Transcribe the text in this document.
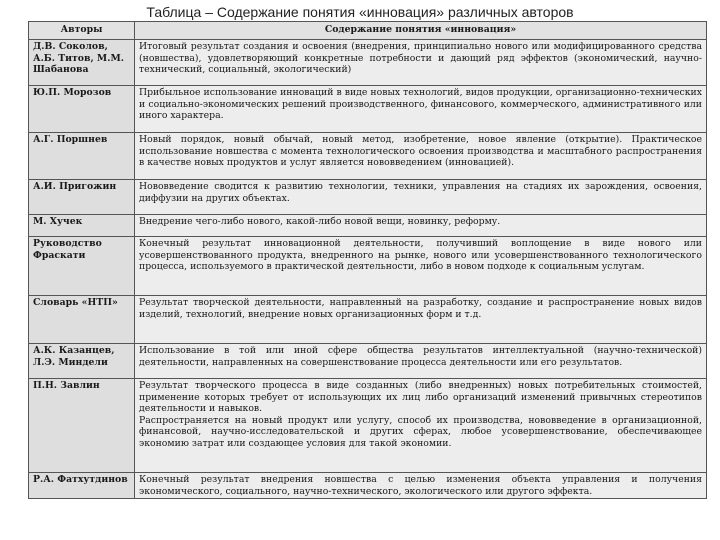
Таблица – Содержание понятия «инновация» различных авторов
Авторы	Содержание понятия «инновация»
Д.В. Соколов, А.Б. Титов, М.М. Шабанова	Итоговый результат создания и освоения (внедрения, принципиально нового или модифицированного средства (новшества), удовлетворяющий конкретные потребности и дающий ряд эффектов (экономический, научно-технический, социальный, экологический)

Ю.П. Морозов	Прибыльное использование инноваций в виде новых технологий, видов продукции, организационно-технических и социально-экономических решений производственного, финансового, коммерческого, административного или иного характера.

А.Г. Поршнев	Новый порядок, новый обычай, новый метод, изобретение, новое явление (открытие). Практическое использование новшества с момента технологического освоения производства и масштабного распространения в качестве новых продуктов и услуг является нововведением (инновацией).

А.И. Пригожин	Нововведение сводится к развитию технологии, техники, управления на стадиях их зарождения, освоения, диффузии на других объектах.

М. Хучек	Внедрение чего-либо нового, какой-либо новой вещи, новинку, реформу.

Руководство Фраскати	Конечный результат инновационной деятельности, получивший воплощение в виде нового или усовершенствованного продукта, внедренного на рынке, нового или усовершенствованного технологического процесса, используемого в практической деятельности, либо в новом подходе к социальным услугам.

Словарь «НТП»	Результат творческой деятельности, направленный на разработку, создание и распространение новых видов изделий, технологий, внедрение новых организационных форм и т.д.

А.К. Казанцев, Л.Э. Миндели	Использование в той или иной сфере общества результатов интеллектуальной (научно-технической) деятельности, направленных на совершенствование процесса деятельности или его результатов.

П.Н. Завлин	Результат творческого процесса в виде созданных (либо внедренных) новых потребительных стоимостей, применение которых требует от использующих их лиц либо организаций изменений привычных стереотипов деятельности и навыков.
Распространяется на новый продукт или услугу, способ их производства, нововведение в организационной, финансовой, научно-исследовательской и других сферах, любое усовершенствование, обеспечивающее экономию затрат или создающее условия для такой экономии.

Р.А. Фатхутдинов	Конечный результат внедрения новшества с целью изменения объекта управления и получения экономического, социального, научно-технического, экологического или другого эффекта.
